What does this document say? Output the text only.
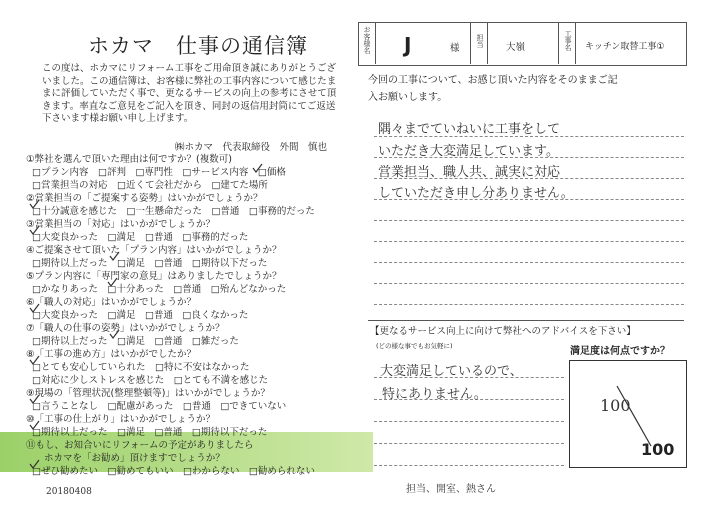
ホカマ　仕事の通信簿

この度は、ホカマにリフォーム工事をご用命頂き誠にありがとうござ

いました。この通信簿は、お客様に弊社の工事内容について感じたま

まに評価していただく事で、更なるサービスの向上の参考にさせて頂

きます。率直なご意見をご記入を頂き、同封の返信用封筒にてご返送

下さいます様お願い申し上げます。

㈱ホカマ　代表取締役　外間　慎也
①弊社を選んで頂いた理由は何ですか？(複数可)
□プラン内容　□評判　□専門性　□サービス内容　□価格
□営業担当の対応　□近くて会社だから　□建てた場所
②営業担当の「ご提案する姿勢」はいかがでしょうか？
□十分誠意を感じた　□一生懸命だった　□普通　□事務的だった
③営業担当の「対応」はいかがでしょうか？
□大変良かった　□満足　□普通　□事務的だった
④ご提案させて頂いた「プラン内容」はいかがでしょうか？
□期待以上だった　□満足　□普通　□期待以下だった
⑤プラン内容に「専門家の意見」はありましたでしょうか？
□かなりあった　□十分あった　□普通　□殆んどなかった
⑥「職人の対応」はいかがでしょうか？
□大変良かった　□満足　□普通　□良くなかった
⑦「職人の仕事の姿勢」はいかがでしょうか？
□期待以上だった　□満足　□普通　□雑だった
⑧「工事の進め方」はいかがでしたか？
□とても安心していられた　□特に不安はなかった
□対応に少しストレスを感じた　□とても不満を感じた
⑨現場の「管理状況(整理整頓等)」はいかがでしょうか？
□言うことなし　□配慮があった　□普通　□できていない
⑩「工事の仕上がり」はいかがでしょうか？
□期待以上だった　□満足　□普通　□期待以下だった
⑪もし、お知合いにリフォームの予定がありましたら
ホカマを「お勧め」頂けますでしょうか？
□ぜひ勧めたい　□勧めてもいい　□わからない　□勧められない
20180408
お客様名 J	様
担当 大嶺	工事名 キッチン取替工事①
今回の工事について、お感じ頂いた内容をそのままご記
入お願いします。
隅々までていねいに工事をして
いただき大変満足しています。
営業担当、職人共、誠実に対応
していただき申し分ありません。
【更なるサービス向上に向けて弊社へのアドバイスを下さい】
(どの様な事でもお気軽に)
大変満足しているので、
特にありません。
満足度は何点ですか？
100
100
担当、開室、熱さん
